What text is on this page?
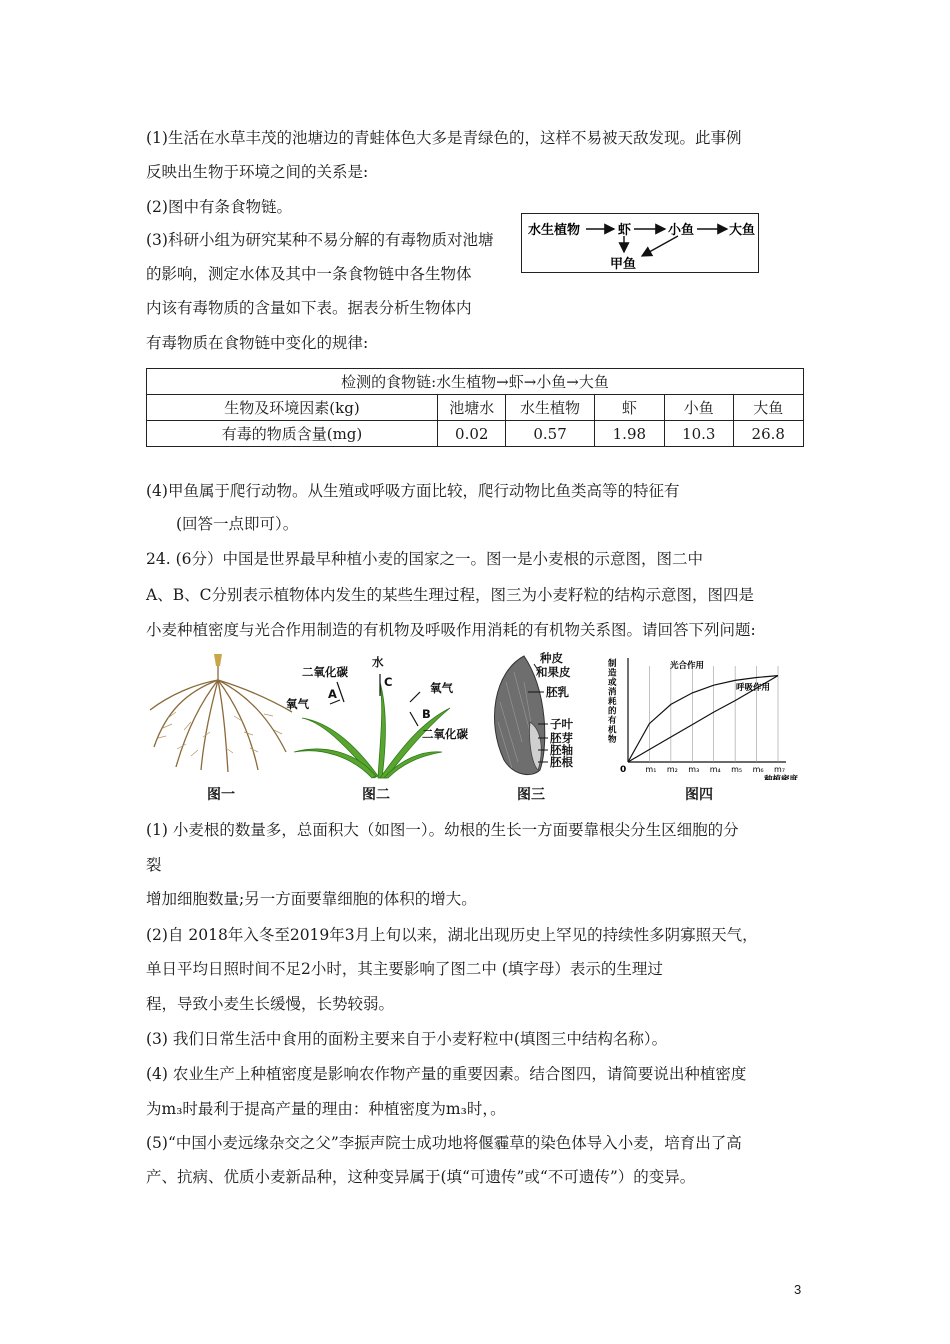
(1)生活在水草丰茂的池塘边的青蛙体色大多是青绿色的，这样不易被天敌发现。此事例
反映出生物于环境之间的关系是:
(2)图中有条食物链。
(3)科研小组为研究某种不易分解的有毒物质对池塘
的影响，测定水体及其中一条食物链中各生物体
内该有毒物质的含量如下表。据表分析生物体内
有毒物质在食物链中变化的规律:
水生植物	虾	小鱼	大鱼
甲鱼
检测的食物链:水生植物→虾→小鱼→大鱼					
生物及环境因素(kg)	池塘水	水生植物	虾	小鱼	大鱼
有毒的物质含量(mg)	0.02	0.57	1.98	10.3	26.8
(4)甲鱼属于爬行动物。从生殖或呼吸方面比较，爬行动物比鱼类高等的特征有
(回答一点即可）。
24. (6分）中国是世界最早种植小麦的国家之一。图一是小麦根的示意图，图二中
A、B、C分别表示植物体内发生的某些生理过程，图三为小麦籽粒的结构示意图，图四是
小麦种植密度与光合作用制造的有机物及呼吸作用消耗的有机物关系图。请回答下列问题:
图一
二氧化碳
水
氧气
氧气
二氧化碳
A
C
B
图二
种皮
和果皮
胚乳
子叶
胚芽
胚轴
胚根
图三
m₁ m₂ m₃ m₄ m₅ m₆ m₇
0
种植密度
制
造
或
消
耗
的
有
机
物
光合作用
呼吸作用
图四
(1) 小麦根的数量多，总面积大（如图一）。幼根的生长一方面要靠根尖分生区细胞的分
裂
增加细胞数量;另一方面要靠细胞的体积的增大。
(2)自 2018年入冬至2019年3月上旬以来，湖北出现历史上罕见的持续性多阴寡照天气，
单日平均日照时间不足2小时，其主要影响了图二中 (填字母）表示的生理过
程，导致小麦生长缓慢，长势较弱。
(3) 我们日常生活中食用的面粉主要来自于小麦籽粒中(填图三中结构名称）。
(4) 农业生产上种植密度是影响农作物产量的重要因素。结合图四，请简要说出种植密度
为m₃时最利于提高产量的理由：种植密度为m₃时，。
(5)“中国小麦远缘杂交之父”李振声院士成功地将偃霾草的染色体导入小麦，培育出了高
产、抗病、优质小麦新品种，这种变异属于(填“可遗传”或“不可遗传”）的变异。
3
